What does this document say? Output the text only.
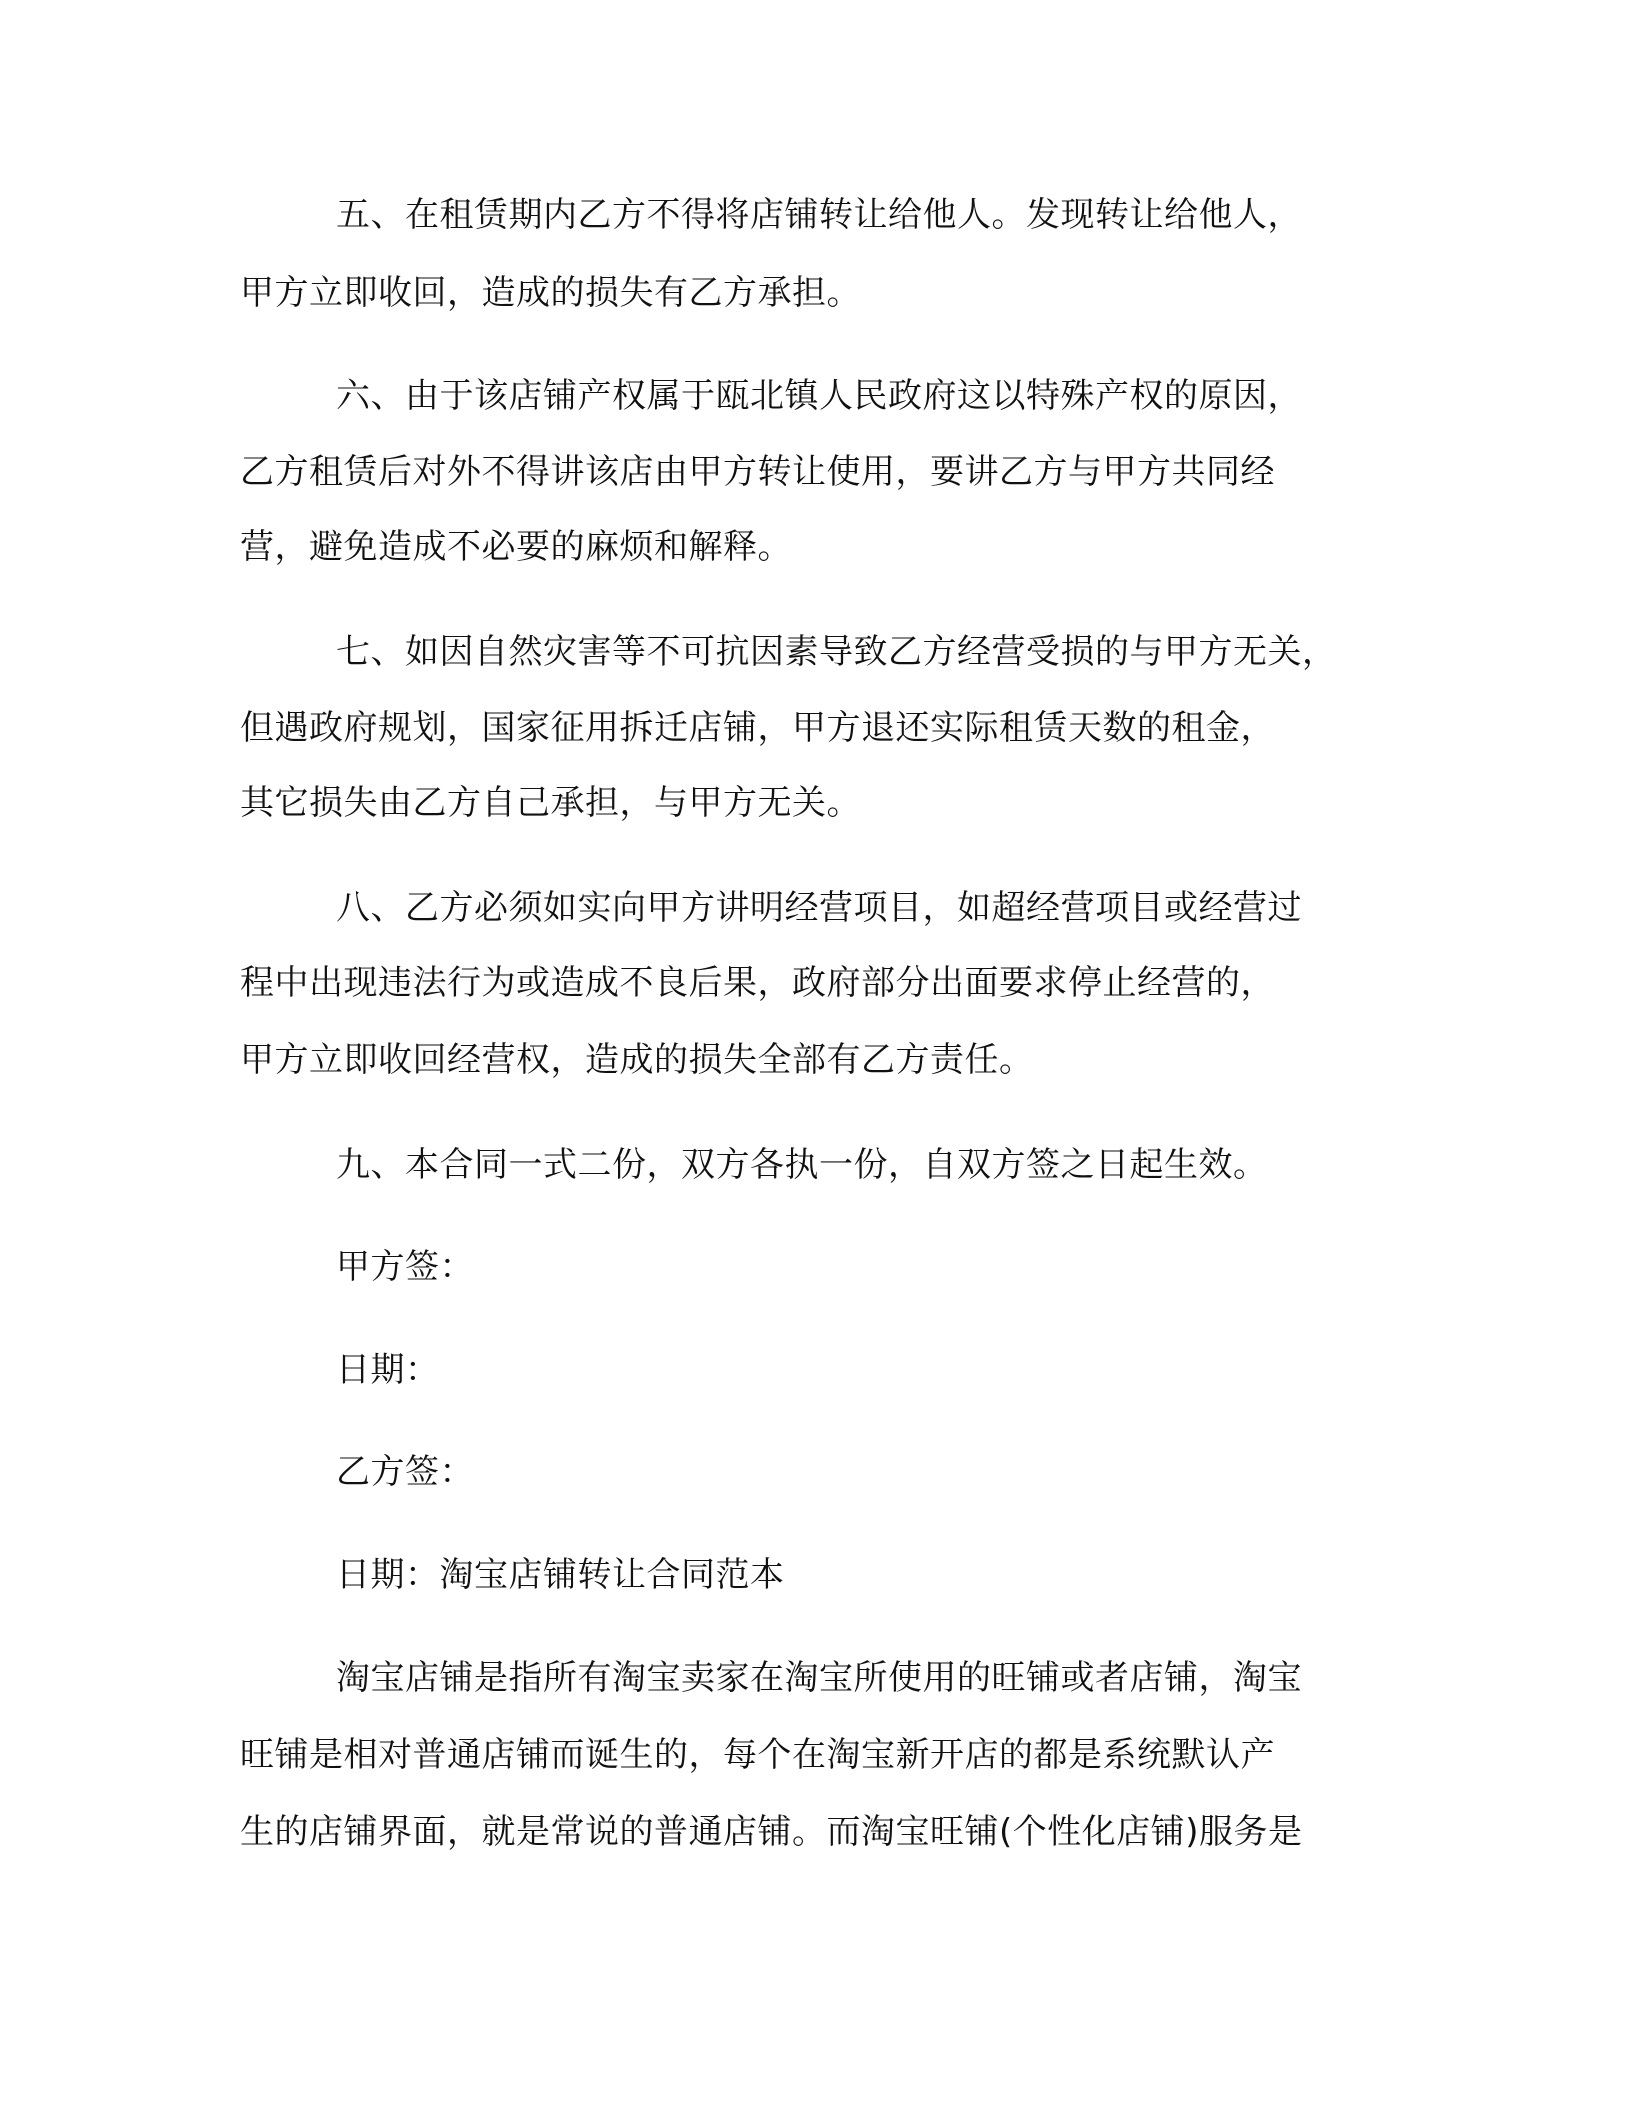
五、在租赁期内乙方不得将店铺转让给他人。发现转让给他人，
甲方立即收回，造成的损失有乙方承担。
六、由于该店铺产权属于瓯北镇人民政府这以特殊产权的原因，
乙方租赁后对外不得讲该店由甲方转让使用，要讲乙方与甲方共同经
营，避免造成不必要的麻烦和解释。
七、如因自然灾害等不可抗因素导致乙方经营受损的与甲方无关，
但遇政府规划，国家征用拆迁店铺，甲方退还实际租赁天数的租金，
其它损失由乙方自己承担，与甲方无关。
八、乙方必须如实向甲方讲明经营项目，如超经营项目或经营过
程中出现违法行为或造成不良后果，政府部分出面要求停止经营的，
甲方立即收回经营权，造成的损失全部有乙方责任。
九、本合同一式二份，双方各执一份，自双方签之日起生效。
甲方签：
日期：
乙方签：
日期：淘宝店铺转让合同范本
淘宝店铺是指所有淘宝卖家在淘宝所使用的旺铺或者店铺，淘宝
旺铺是相对普通店铺而诞生的，每个在淘宝新开店的都是系统默认产
生的店铺界面，就是常说的普通店铺。而淘宝旺铺(个性化店铺)服务是
